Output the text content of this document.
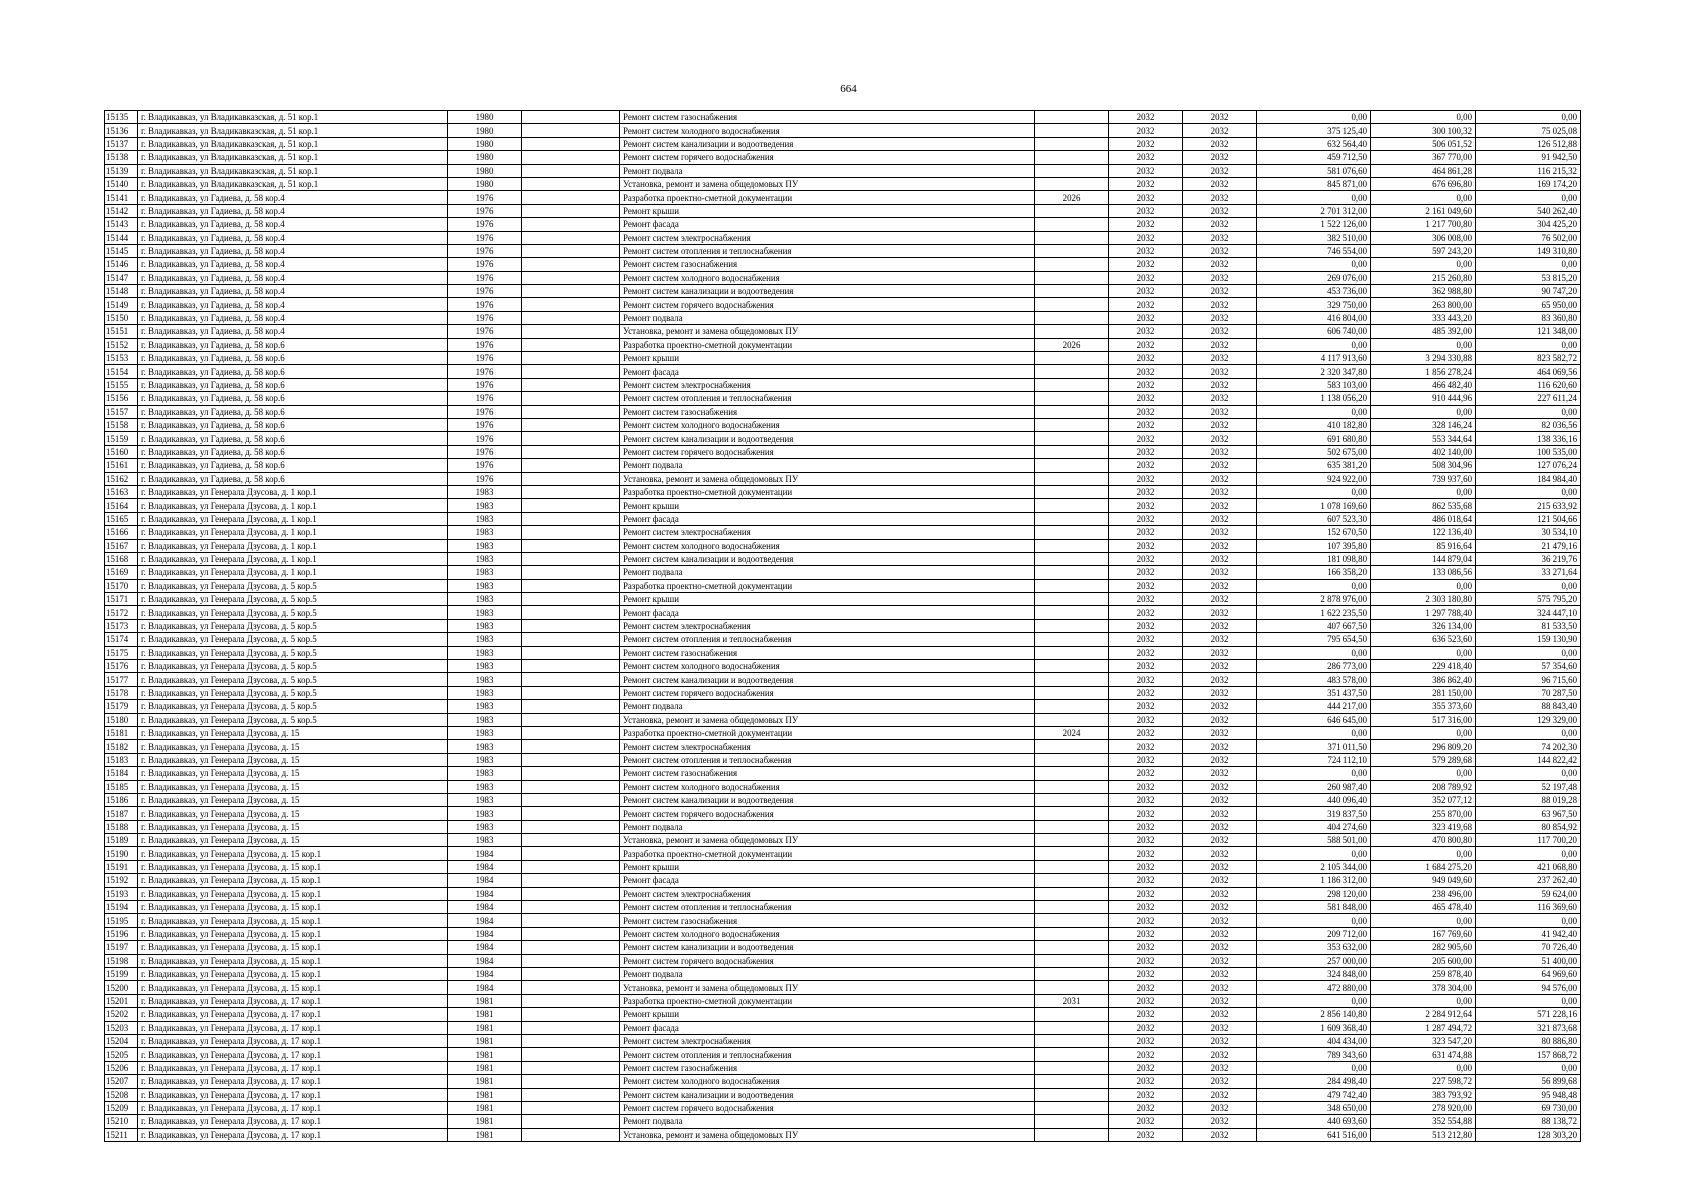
664
15135	г. Владикавказ, ул Владикавказская, д. 51 кор.1	1980		Ремонт систем газоснабжения		2032	2032	0,00	0,00	0,00
15136	г. Владикавказ, ул Владикавказская, д. 51 кор.1	1980		Ремонт систем холодного водоснабжения		2032	2032	375 125,40	300 100,32	75 025,08
15137	г. Владикавказ, ул Владикавказская, д. 51 кор.1	1980		Ремонт систем канализации и водоотведения		2032	2032	632 564,40	506 051,52	126 512,88
15138	г. Владикавказ, ул Владикавказская, д. 51 кор.1	1980		Ремонт систем горячего водоснабжения		2032	2032	459 712,50	367 770,00	91 942,50
15139	г. Владикавказ, ул Владикавказская, д. 51 кор.1	1980		Ремонт подвала		2032	2032	581 076,60	464 861,28	116 215,32
15140	г. Владикавказ, ул Владикавказская, д. 51 кор.1	1980		Установка, ремонт и замена общедомовых ПУ		2032	2032	845 871,00	676 696,80	169 174,20
15141	г. Владикавказ, ул Гадиева, д. 58 кор.4	1976		Разработка проектно-сметной документации	2026	2032	2032	0,00	0,00	0,00
15142	г. Владикавказ, ул Гадиева, д. 58 кор.4	1976		Ремонт крыши		2032	2032	2 701 312,00	2 161 049,60	540 262,40
15143	г. Владикавказ, ул Гадиева, д. 58 кор.4	1976		Ремонт фасада		2032	2032	1 522 126,00	1 217 700,80	304 425,20
15144	г. Владикавказ, ул Гадиева, д. 58 кор.4	1976		Ремонт систем электроснабжения		2032	2032	382 510,00	306 008,00	76 502,00
15145	г. Владикавказ, ул Гадиева, д. 58 кор.4	1976		Ремонт систем отопления и теплоснабжения		2032	2032	746 554,00	597 243,20	149 310,80
15146	г. Владикавказ, ул Гадиева, д. 58 кор.4	1976		Ремонт систем газоснабжения		2032	2032	0,00	0,00	0,00
15147	г. Владикавказ, ул Гадиева, д. 58 кор.4	1976		Ремонт систем холодного водоснабжения		2032	2032	269 076,00	215 260,80	53 815,20
15148	г. Владикавказ, ул Гадиева, д. 58 кор.4	1976		Ремонт систем канализации и водоотведения		2032	2032	453 736,00	362 988,80	90 747,20
15149	г. Владикавказ, ул Гадиева, д. 58 кор.4	1976		Ремонт систем горячего водоснабжения		2032	2032	329 750,00	263 800,00	65 950,00
15150	г. Владикавказ, ул Гадиева, д. 58 кор.4	1976		Ремонт подвала		2032	2032	416 804,00	333 443,20	83 360,80
15151	г. Владикавказ, ул Гадиева, д. 58 кор.4	1976		Установка, ремонт и замена общедомовых ПУ		2032	2032	606 740,00	485 392,00	121 348,00
15152	г. Владикавказ, ул Гадиева, д. 58 кор.6	1976		Разработка проектно-сметной документации	2026	2032	2032	0,00	0,00	0,00
15153	г. Владикавказ, ул Гадиева, д. 58 кор.6	1976		Ремонт крыши		2032	2032	4 117 913,60	3 294 330,88	823 582,72
15154	г. Владикавказ, ул Гадиева, д. 58 кор.6	1976		Ремонт фасада		2032	2032	2 320 347,80	1 856 278,24	464 069,56
15155	г. Владикавказ, ул Гадиева, д. 58 кор.6	1976		Ремонт систем электроснабжения		2032	2032	583 103,00	466 482,40	116 620,60
15156	г. Владикавказ, ул Гадиева, д. 58 кор.6	1976		Ремонт систем отопления и теплоснабжения		2032	2032	1 138 056,20	910 444,96	227 611,24
15157	г. Владикавказ, ул Гадиева, д. 58 кор.6	1976		Ремонт систем газоснабжения		2032	2032	0,00	0,00	0,00
15158	г. Владикавказ, ул Гадиева, д. 58 кор.6	1976		Ремонт систем холодного водоснабжения		2032	2032	410 182,80	328 146,24	82 036,56
15159	г. Владикавказ, ул Гадиева, д. 58 кор.6	1976		Ремонт систем канализации и водоотведения		2032	2032	691 680,80	553 344,64	138 336,16
15160	г. Владикавказ, ул Гадиева, д. 58 кор.6	1976		Ремонт систем горячего водоснабжения		2032	2032	502 675,00	402 140,00	100 535,00
15161	г. Владикавказ, ул Гадиева, д. 58 кор.6	1976		Ремонт подвала		2032	2032	635 381,20	508 304,96	127 076,24
15162	г. Владикавказ, ул Гадиева, д. 58 кор.6	1976		Установка, ремонт и замена общедомовых ПУ		2032	2032	924 922,00	739 937,60	184 984,40
15163	г. Владикавказ, ул Генерала Дзусова, д. 1 кор.1	1983		Разработка проектно-сметной документации		2032	2032	0,00	0,00	0,00
15164	г. Владикавказ, ул Генерала Дзусова, д. 1 кор.1	1983		Ремонт крыши		2032	2032	1 078 169,60	862 535,68	215 633,92
15165	г. Владикавказ, ул Генерала Дзусова, д. 1 кор.1	1983		Ремонт фасада		2032	2032	607 523,30	486 018,64	121 504,66
15166	г. Владикавказ, ул Генерала Дзусова, д. 1 кор.1	1983		Ремонт систем электроснабжения		2032	2032	152 670,50	122 136,40	30 534,10
15167	г. Владикавказ, ул Генерала Дзусова, д. 1 кор.1	1983		Ремонт систем холодного водоснабжения		2032	2032	107 395,80	85 916,64	21 479,16
15168	г. Владикавказ, ул Генерала Дзусова, д. 1 кор.1	1983		Ремонт систем канализации и водоотведения		2032	2032	181 098,80	144 879,04	36 219,76
15169	г. Владикавказ, ул Генерала Дзусова, д. 1 кор.1	1983		Ремонт подвала		2032	2032	166 358,20	133 086,56	33 271,64
15170	г. Владикавказ, ул Генерала Дзусова, д. 5 кор.5	1983		Разработка проектно-сметной документации		2032	2032	0,00	0,00	0,00
15171	г. Владикавказ, ул Генерала Дзусова, д. 5 кор.5	1983		Ремонт крыши		2032	2032	2 878 976,00	2 303 180,80	575 795,20
15172	г. Владикавказ, ул Генерала Дзусова, д. 5 кор.5	1983		Ремонт фасада		2032	2032	1 622 235,50	1 297 788,40	324 447,10
15173	г. Владикавказ, ул Генерала Дзусова, д. 5 кор.5	1983		Ремонт систем электроснабжения		2032	2032	407 667,50	326 134,00	81 533,50
15174	г. Владикавказ, ул Генерала Дзусова, д. 5 кор.5	1983		Ремонт систем отопления и теплоснабжения		2032	2032	795 654,50	636 523,60	159 130,90
15175	г. Владикавказ, ул Генерала Дзусова, д. 5 кор.5	1983		Ремонт систем газоснабжения		2032	2032	0,00	0,00	0,00
15176	г. Владикавказ, ул Генерала Дзусова, д. 5 кор.5	1983		Ремонт систем холодного водоснабжения		2032	2032	286 773,00	229 418,40	57 354,60
15177	г. Владикавказ, ул Генерала Дзусова, д. 5 кор.5	1983		Ремонт систем канализации и водоотведения		2032	2032	483 578,00	386 862,40	96 715,60
15178	г. Владикавказ, ул Генерала Дзусова, д. 5 кор.5	1983		Ремонт систем горячего водоснабжения		2032	2032	351 437,50	281 150,00	70 287,50
15179	г. Владикавказ, ул Генерала Дзусова, д. 5 кор.5	1983		Ремонт подвала		2032	2032	444 217,00	355 373,60	88 843,40
15180	г. Владикавказ, ул Генерала Дзусова, д. 5 кор.5	1983		Установка, ремонт и замена общедомовых ПУ		2032	2032	646 645,00	517 316,00	129 329,00
15181	г. Владикавказ, ул Генерала Дзусова, д. 15	1983		Разработка проектно-сметной документации	2024	2032	2032	0,00	0,00	0,00
15182	г. Владикавказ, ул Генерала Дзусова, д. 15	1983		Ремонт систем электроснабжения		2032	2032	371 011,50	296 809,20	74 202,30
15183	г. Владикавказ, ул Генерала Дзусова, д. 15	1983		Ремонт систем отопления и теплоснабжения		2032	2032	724 112,10	579 289,68	144 822,42
15184	г. Владикавказ, ул Генерала Дзусова, д. 15	1983		Ремонт систем газоснабжения		2032	2032	0,00	0,00	0,00
15185	г. Владикавказ, ул Генерала Дзусова, д. 15	1983		Ремонт систем холодного водоснабжения		2032	2032	260 987,40	208 789,92	52 197,48
15186	г. Владикавказ, ул Генерала Дзусова, д. 15	1983		Ремонт систем канализации и водоотведения		2032	2032	440 096,40	352 077,12	88 019,28
15187	г. Владикавказ, ул Генерала Дзусова, д. 15	1983		Ремонт систем горячего водоснабжения		2032	2032	319 837,50	255 870,00	63 967,50
15188	г. Владикавказ, ул Генерала Дзусова, д. 15	1983		Ремонт подвала		2032	2032	404 274,60	323 419,68	80 854,92
15189	г. Владикавказ, ул Генерала Дзусова, д. 15	1983		Установка, ремонт и замена общедомовых ПУ		2032	2032	588 501,00	470 800,80	117 700,20
15190	г. Владикавказ, ул Генерала Дзусова, д. 15 кор.1	1984		Разработка проектно-сметной документации		2032	2032	0,00	0,00	0,00
15191	г. Владикавказ, ул Генерала Дзусова, д. 15 кор.1	1984		Ремонт крыши		2032	2032	2 105 344,00	1 684 275,20	421 068,80
15192	г. Владикавказ, ул Генерала Дзусова, д. 15 кор.1	1984		Ремонт фасада		2032	2032	1 186 312,00	949 049,60	237 262,40
15193	г. Владикавказ, ул Генерала Дзусова, д. 15 кор.1	1984		Ремонт систем электроснабжения		2032	2032	298 120,00	238 496,00	59 624,00
15194	г. Владикавказ, ул Генерала Дзусова, д. 15 кор.1	1984		Ремонт систем отопления и теплоснабжения		2032	2032	581 848,00	465 478,40	116 369,60
15195	г. Владикавказ, ул Генерала Дзусова, д. 15 кор.1	1984		Ремонт систем газоснабжения		2032	2032	0,00	0,00	0,00
15196	г. Владикавказ, ул Генерала Дзусова, д. 15 кор.1	1984		Ремонт систем холодного водоснабжения		2032	2032	209 712,00	167 769,60	41 942,40
15197	г. Владикавказ, ул Генерала Дзусова, д. 15 кор.1	1984		Ремонт систем канализации и водоотведения		2032	2032	353 632,00	282 905,60	70 726,40
15198	г. Владикавказ, ул Генерала Дзусова, д. 15 кор.1	1984		Ремонт систем горячего водоснабжения		2032	2032	257 000,00	205 600,00	51 400,00
15199	г. Владикавказ, ул Генерала Дзусова, д. 15 кор.1	1984		Ремонт подвала		2032	2032	324 848,00	259 878,40	64 969,60
15200	г. Владикавказ, ул Генерала Дзусова, д. 15 кор.1	1984		Установка, ремонт и замена общедомовых ПУ		2032	2032	472 880,00	378 304,00	94 576,00
15201	г. Владикавказ, ул Генерала Дзусова, д. 17 кор.1	1981		Разработка проектно-сметной документации	2031	2032	2032	0,00	0,00	0,00
15202	г. Владикавказ, ул Генерала Дзусова, д. 17 кор.1	1981		Ремонт крыши		2032	2032	2 856 140,80	2 284 912,64	571 228,16
15203	г. Владикавказ, ул Генерала Дзусова, д. 17 кор.1	1981		Ремонт фасада		2032	2032	1 609 368,40	1 287 494,72	321 873,68
15204	г. Владикавказ, ул Генерала Дзусова, д. 17 кор.1	1981		Ремонт систем электроснабжения		2032	2032	404 434,00	323 547,20	80 886,80
15205	г. Владикавказ, ул Генерала Дзусова, д. 17 кор.1	1981		Ремонт систем отопления и теплоснабжения		2032	2032	789 343,60	631 474,88	157 868,72
15206	г. Владикавказ, ул Генерала Дзусова, д. 17 кор.1	1981		Ремонт систем газоснабжения		2032	2032	0,00	0,00	0,00
15207	г. Владикавказ, ул Генерала Дзусова, д. 17 кор.1	1981		Ремонт систем холодного водоснабжения		2032	2032	284 498,40	227 598,72	56 899,68
15208	г. Владикавказ, ул Генерала Дзусова, д. 17 кор.1	1981		Ремонт систем канализации и водоотведения		2032	2032	479 742,40	383 793,92	95 948,48
15209	г. Владикавказ, ул Генерала Дзусова, д. 17 кор.1	1981		Ремонт систем горячего водоснабжения		2032	2032	348 650,00	278 920,00	69 730,00
15210	г. Владикавказ, ул Генерала Дзусова, д. 17 кор.1	1981		Ремонт подвала		2032	2032	440 693,60	352 554,88	88 138,72
15211	г. Владикавказ, ул Генерала Дзусова, д. 17 кор.1	1981		Установка, ремонт и замена общедомовых ПУ		2032	2032	641 516,00	513 212,80	128 303,20
